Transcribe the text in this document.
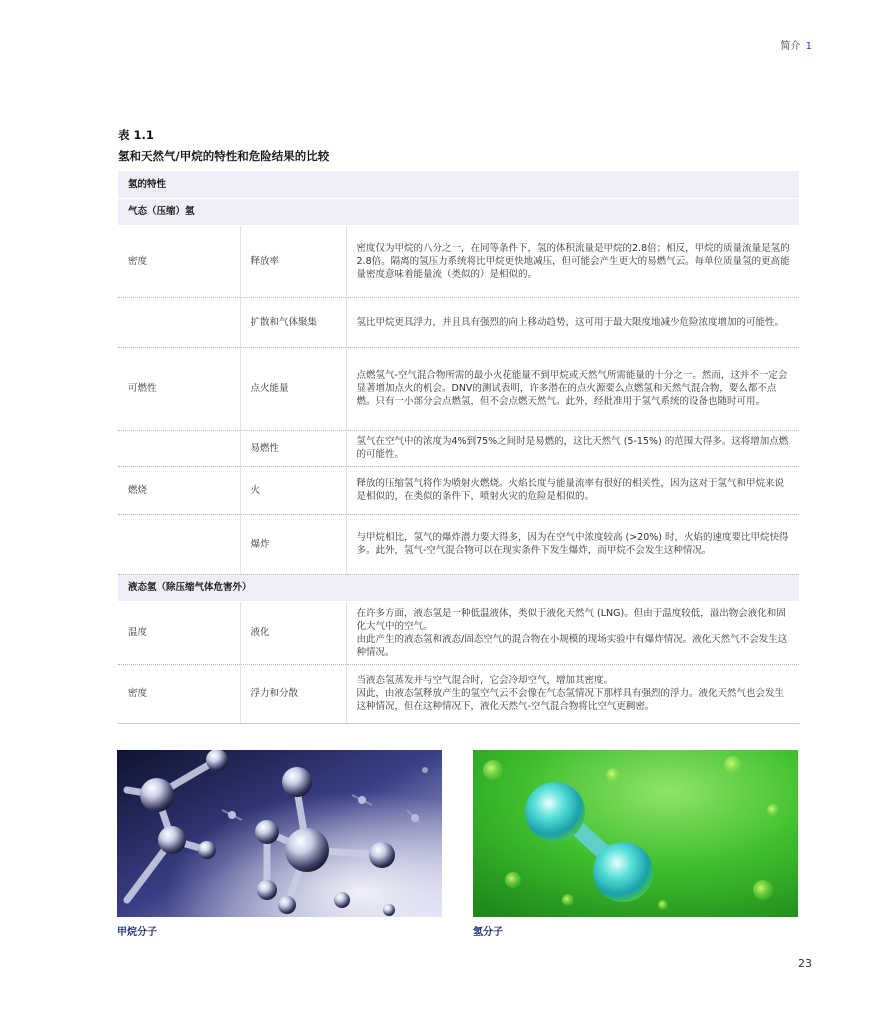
简介 1
表 1.1
氢和天然气/甲烷的特性和危险结果的比较
氢的特性		
气态（压缩）氢		
密度	释放率	密度仅为甲烷的八分之一，在同等条件下，氢的体积流量是甲烷的2.8倍；相反，甲烷的质量流量是氢的2.8倍。隔离的氢压力系统将比甲烷更快地减压，但可能会产生更大的易燃气云。每单位质量氢的更高能量密度意味着能量流（类似的）是相似的。
	扩散和气体聚集	氢比甲烷更具浮力，并且具有强烈的向上移动趋势，这可用于最大限度地减少危险浓度增加的可能性。
可燃性	点火能量	点燃氢气-空气混合物所需的最小火花能量不到甲烷或天然气所需能量的十分之一。然而，这并不一定会显著增加点火的机会。DNV的测试表明，许多潜在的点火源要么点燃氢和天然气混合物，要么都不点燃。只有一小部分会点燃氢，但不会点燃天然气。此外，经批准用于氢气系统的设备也随时可用。
	易燃性	氢气在空气中的浓度为4%到75%之间时是易燃的，这比天然气 (5-15%) 的范围大得多。这将增加点燃的可能性。
燃烧	火	释放的压缩氢气将作为喷射火燃烧。火焰长度与能量流率有很好的相关性，因为这对于氢气和甲烷来说是相似的，在类似的条件下，喷射火灾的危险是相似的。
	爆炸	与甲烷相比，氢气的爆炸潜力要大得多，因为在空气中浓度较高 (>20%) 时，火焰的速度要比甲烷快得多。此外，氢气-空气混合物可以在现实条件下发生爆炸，而甲烷不会发生这种情况。
液态氢（除压缩气体危害外）		
温度	液化	在许多方面，液态氢是一种低温液体，类似于液化天然气 (LNG)。但由于温度较低，溢出物会液化和固化大气中的空气。
由此产生的液态氢和液态/固态空气的混合物在小规模的现场实验中有爆炸情况。液化天然气不会发生这种情况。

密度	浮力和分散	当液态氢蒸发并与空气混合时，它会冷却空气，增加其密度。
因此，由液态氢释放产生的氢空气云不会像在气态氢情况下那样具有强烈的浮力。液化天然气也会发生这种情况，但在这种情况下，液化天然气-空气混合物将比空气更稠密。
甲烷分子	氢分子
23
